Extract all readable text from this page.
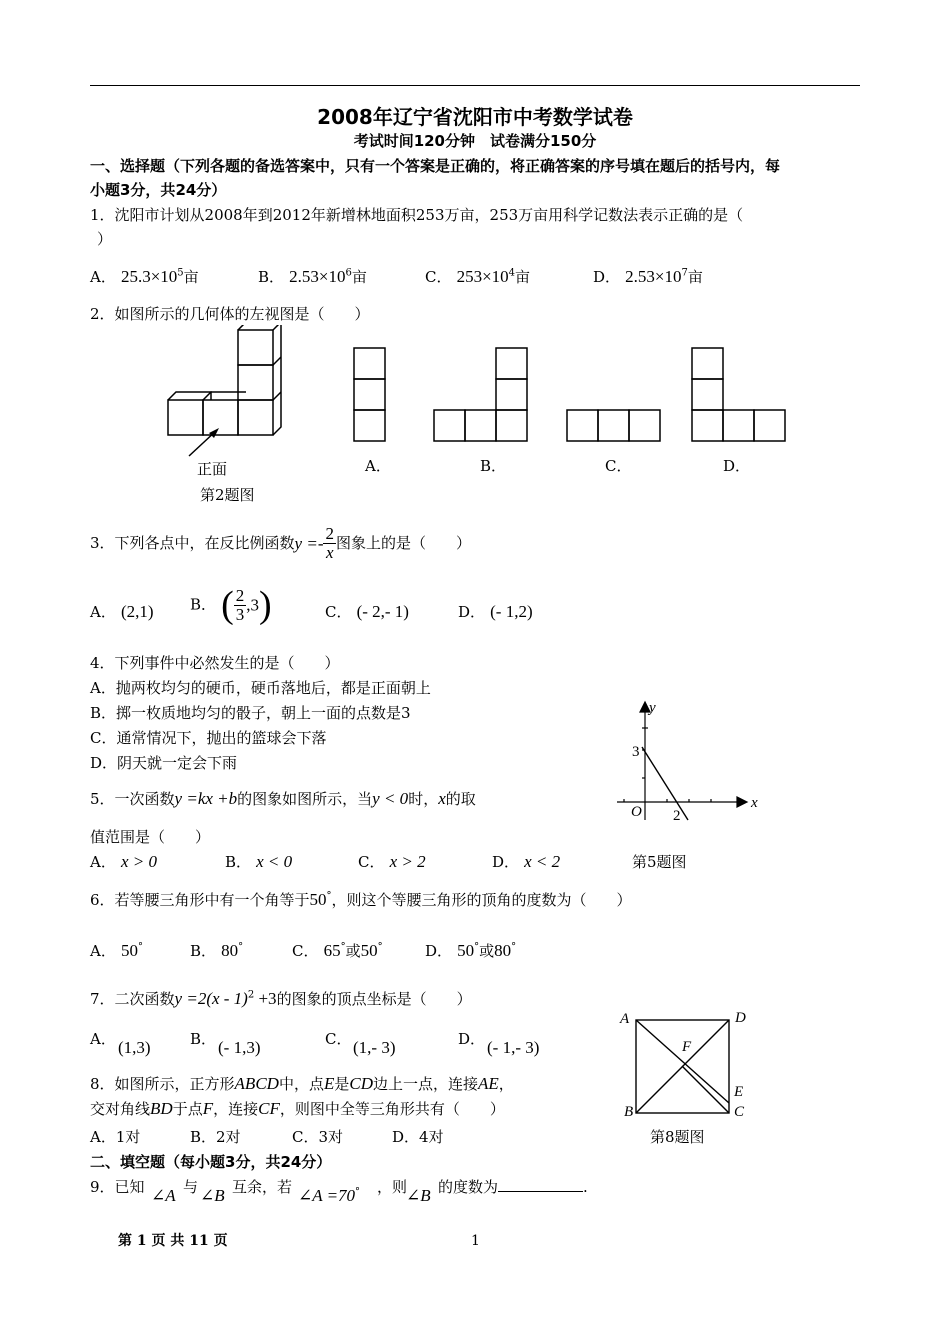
2008年辽宁省沈阳市中考数学试卷
考试时间120分钟　试卷满分150分
一、选择题（下列各题的备选答案中，只有一个答案是正确的，将正确答案的序号填在题后的括号内，每
小题3分，共24分）
1．沈阳市计划从2008年到2012年新增林地面积253万亩，253万亩用科学记数法表示正确的是（
）
A． $25.3\times 10^5$亩	B． $2.53\times 10^6$亩	C． $253\times 10^4$亩	D． $2.53\times 10^7$亩
2．如图所示的几何体的左视图是（　　）
正面
第2题图
A．	B．	C．	D．
3．下列各点中，在反比例函数$y =- \frac{2}{x}$ 图象上的是（　　）
A． (2,1) B． ( $\frac{2}{3} ,3$)	C． (- 2,- 1)	D． (- 1,2)
4．下列事件中必然发生的是（　　）
A．抛两枚均匀的硬币，硬币落地后，都是正面朝上
B．掷一枚质地均匀的骰子，朝上一面的点数是3
C．通常情况下，抛出的篮球会下落
D．阴天就一定会下雨
y
x
O
3
2
第5题图
5．一次函数y =kx +b的图象如图所示，当y < 0时，x的取
值范围是（　　）
A． x > 0	B． x < 0	C． x > 2	D． x < 2
6．若等腰三角形中有一个角等于50°，则这个等腰三角形的顶角的度数为（　　）
A． 50°	B． 80°	C． 65°或50°	D． 50°或80°
7．二次函数y =2(x - 1)$^2$ +3的图象的顶点坐标是（　　）
A． (1,3)	B． (- 1,3)	C． (1,- 3)	D． (- 1,- 3)
A	D
B	C
E
F
第8题图
8．如图所示，正方形ABCD中，点E是CD边上一点，连接AE，
交对角线BD于点F，连接CF，则图中全等三角形共有（　　）
A．1对	B．2对	C．3对	D．4对
二、填空题（每小题3分，共24分）
9．已知 ∠A 与 ∠B 互余，若 ∠A =70° ，则
∠B 的度数为	.
第 1 页 共 11 页	1
